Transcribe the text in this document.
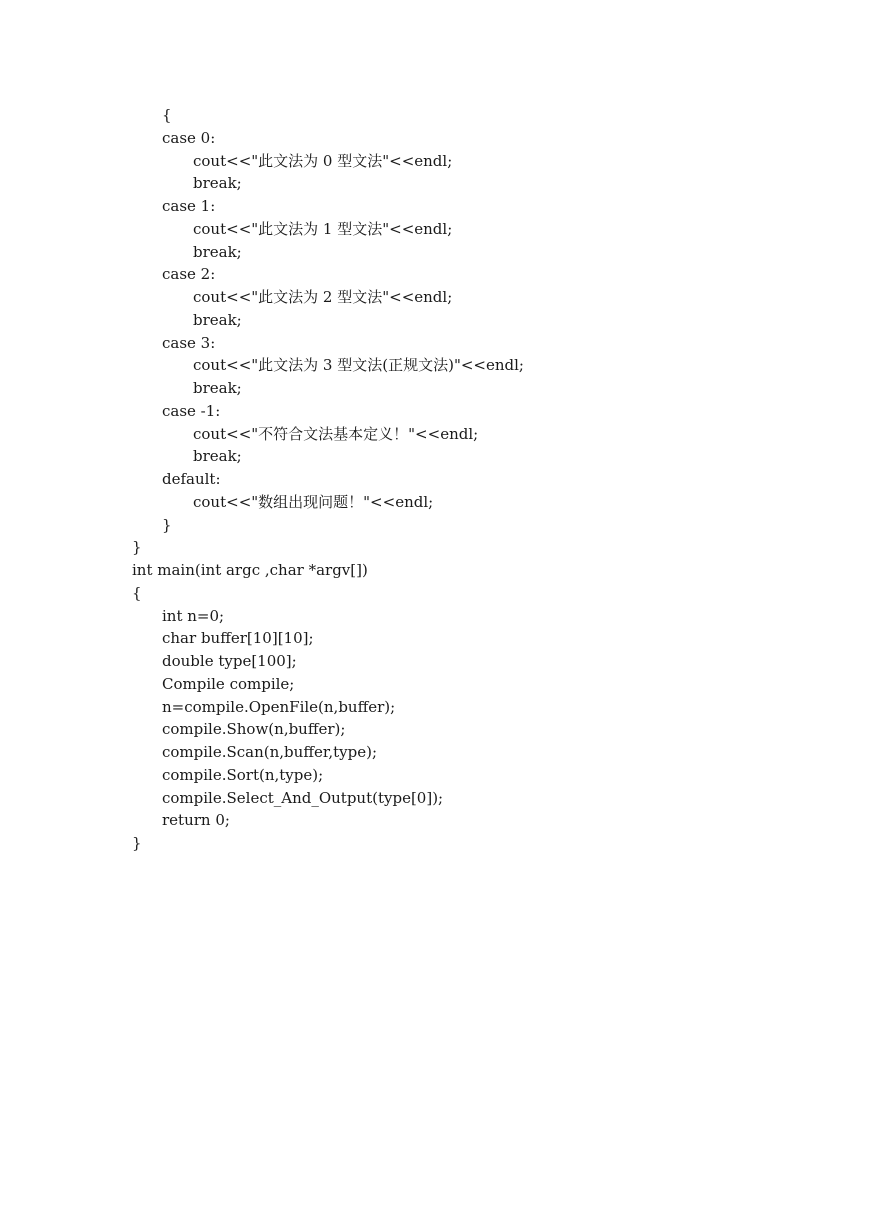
{
case 0:
cout<<"此文法为 0 型文法"<<endl;
break;
case 1:
cout<<"此文法为 1 型文法"<<endl;
break;
case 2:
cout<<"此文法为 2 型文法"<<endl;
break;
case 3:
cout<<"此文法为 3 型文法(正规文法)"<<endl;
break;
case -1:
cout<<"不符合文法基本定义！"<<endl;
break;
default:
cout<<"数组出现问题！"<<endl;
}
}
int main(int argc ,char *argv[])
{
int n=0;
char buffer[10][10];
double type[100];
Compile compile;
n=compile.OpenFile(n,buffer);
compile.Show(n,buffer);
compile.Scan(n,buffer,type);
compile.Sort(n,type);
compile.Select_And_Output(type[0]);
return 0;
}
